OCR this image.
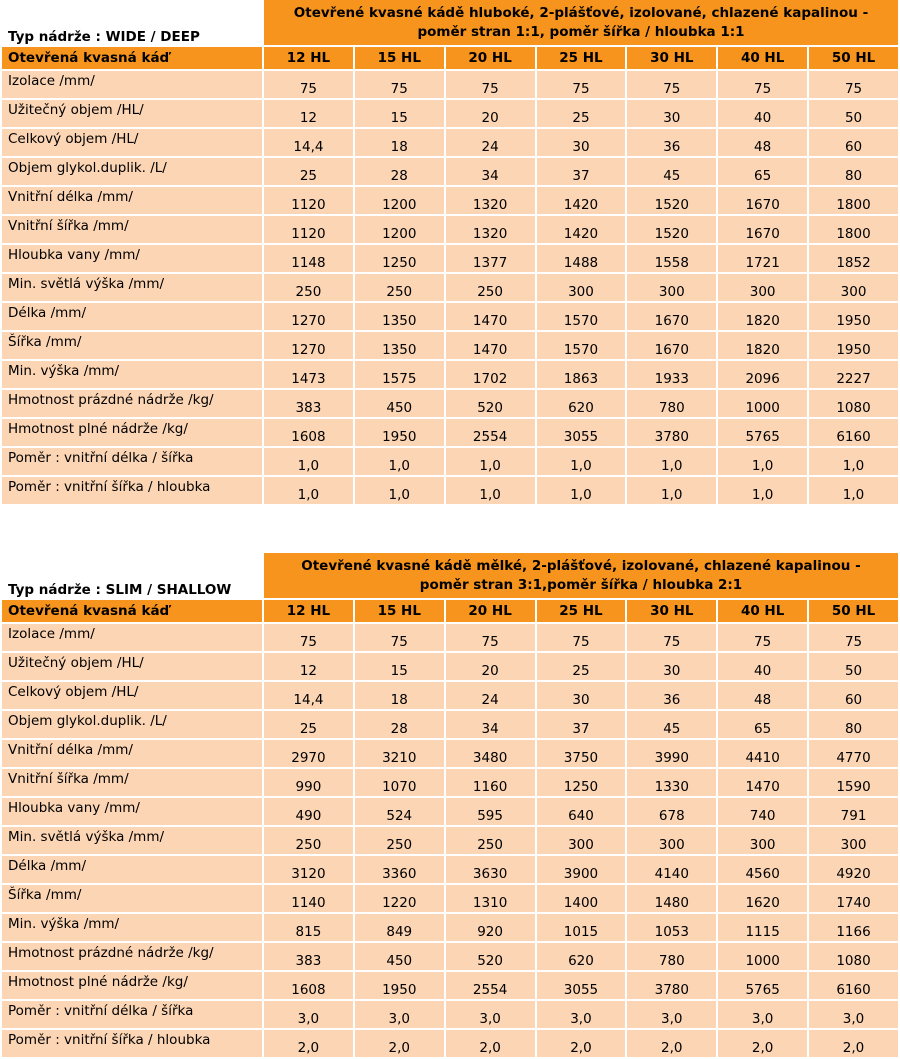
Typ nádrže : WIDE / DEEP	Otevřené kvasné kádě hluboké, 2-plášťové, izolované, chlazené kapalinou - poměr stran 1:1, poměr šířka / hloubka 1:1						
Otevřená kvasná káď	12 HL	15 HL	20 HL	25 HL	30 HL	40 HL	50 HL
Izolace /mm/	75	75	75	75	75	75	75
Užitečný objem /HL/	12	15	20	25	30	40	50
Celkový objem /HL/	14,4	18	24	30	36	48	60
Objem glykol.duplik. /L/	25	28	34	37	45	65	80
Vnitřní délka /mm/	1120	1200	1320	1420	1520	1670	1800
Vnitřní šířka /mm/	1120	1200	1320	1420	1520	1670	1800
Hloubka vany /mm/	1148	1250	1377	1488	1558	1721	1852
Min. světlá výška /mm/	250	250	250	300	300	300	300
Délka /mm/	1270	1350	1470	1570	1670	1820	1950
Šířka /mm/	1270	1350	1470	1570	1670	1820	1950
Min. výška /mm/	1473	1575	1702	1863	1933	2096	2227
Hmotnost prázdné nádrže /kg/	383	450	520	620	780	1000	1080
Hmotnost plné nádrže /kg/	1608	1950	2554	3055	3780	5765	6160
Poměr : vnitřní délka / šířka	1,0	1,0	1,0	1,0	1,0	1,0	1,0
Poměr : vnitřní šířka / hloubka	1,0	1,0	1,0	1,0	1,0	1,0	1,0
Typ nádrže : SLIM / SHALLOW	Otevřené kvasné kádě mělké, 2-plášťové, izolované, chlazené kapalinou - poměr stran 3:1,poměr šířka / hloubka 2:1						
Otevřená kvasná káď	12 HL	15 HL	20 HL	25 HL	30 HL	40 HL	50 HL
Izolace /mm/	75	75	75	75	75	75	75
Užitečný objem /HL/	12	15	20	25	30	40	50
Celkový objem /HL/	14,4	18	24	30	36	48	60
Objem glykol.duplik. /L/	25	28	34	37	45	65	80
Vnitřní délka /mm/	2970	3210	3480	3750	3990	4410	4770
Vnitřní šířka /mm/	990	1070	1160	1250	1330	1470	1590
Hloubka vany /mm/	490	524	595	640	678	740	791
Min. světlá výška /mm/	250	250	250	300	300	300	300
Délka /mm/	3120	3360	3630	3900	4140	4560	4920
Šířka /mm/	1140	1220	1310	1400	1480	1620	1740
Min. výška /mm/	815	849	920	1015	1053	1115	1166
Hmotnost prázdné nádrže /kg/	383	450	520	620	780	1000	1080
Hmotnost plné nádrže /kg/	1608	1950	2554	3055	3780	5765	6160
Poměr : vnitřní délka / šířka	3,0	3,0	3,0	3,0	3,0	3,0	3,0
Poměr : vnitřní šířka / hloubka	2,0	2,0	2,0	2,0	2,0	2,0	2,0
